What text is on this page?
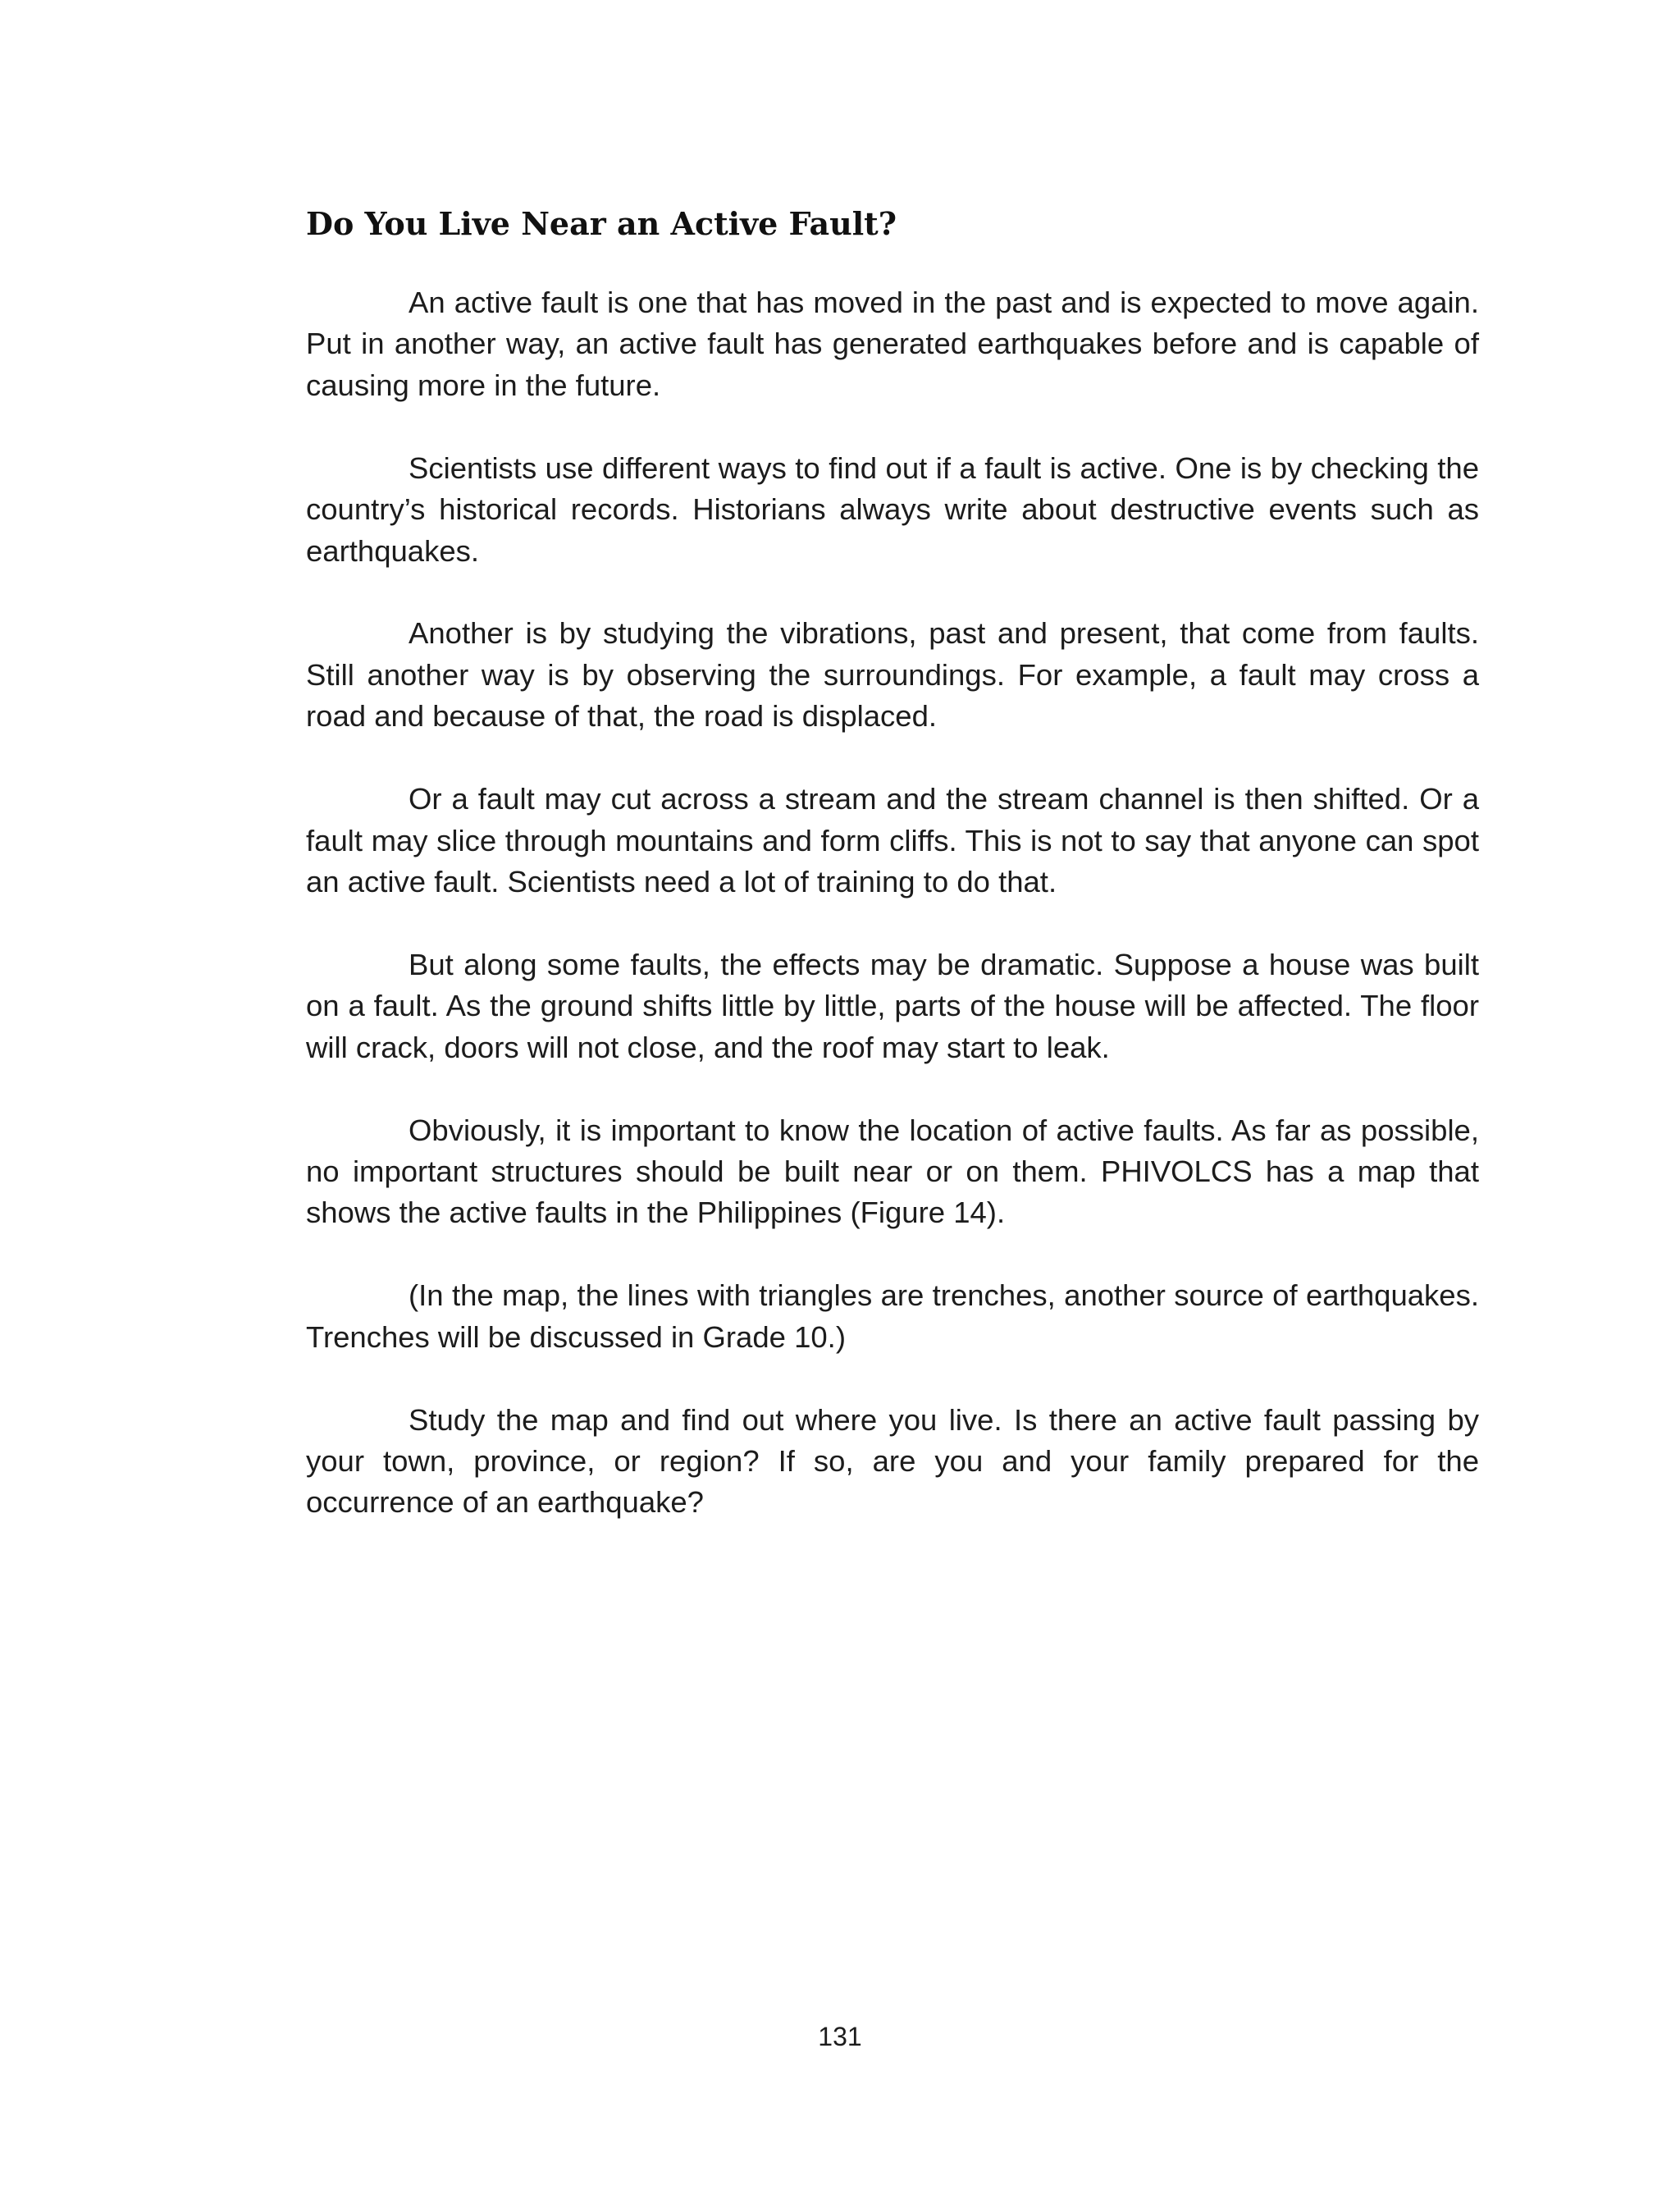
Do You Live Near an Active Fault?

An active fault is one that has moved in the past and is expected to move again. Put in another way, an active fault has generated earthquakes before and is capable of causing more in the future.

Scientists use different ways to find out if a fault is active. One is by checking the country’s historical records. Historians always write about destructive events such as earthquakes.

Another is by studying the vibrations, past and present, that come from faults. Still another way is by observing the surroundings. For example, a fault may cross a road and because of that, the road is displaced.

Or a fault may cut across a stream and the stream channel is then shifted. Or a fault may slice through mountains and form cliffs. This is not to say that anyone can spot an active fault. Scientists need a lot of training to do that.

But along some faults, the effects may be dramatic. Suppose a house was built on a fault. As the ground shifts little by little, parts of the house will be affected. The floor will crack, doors will not close, and the roof may start to leak.

Obviously, it is important to know the location of active faults. As far as possible, no important structures should be built near or on them. PHIVOLCS has a map that shows the active faults in the Philippines (Figure 14).

(In the map, the lines with triangles are trenches, another source of earthquakes. Trenches will be discussed in Grade 10.)

Study the map and find out where you live. Is there an active fault passing by your town, province, or region? If so, are you and your family prepared for the occurrence of an earthquake?

131
